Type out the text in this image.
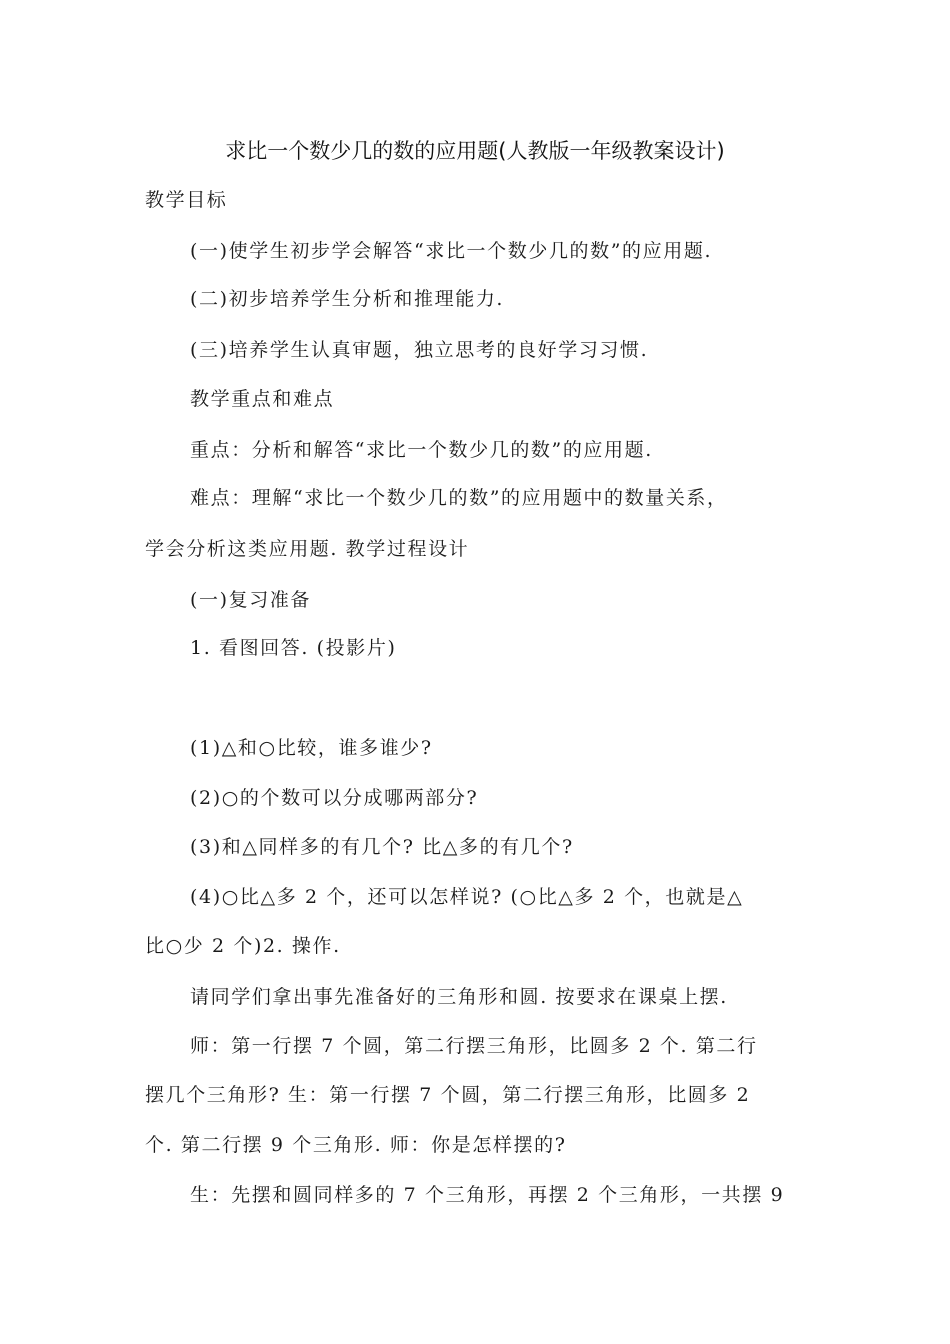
求比一个数少几的数的应用题(人教版一年级教案设计)
教学目标
(一)使学生初步学会解答“求比一个数少几的数”的应用题.
(二)初步培养学生分析和推理能力.
(三)培养学生认真审题，独立思考的良好学习习惯.
教学重点和难点
重点：分析和解答“求比一个数少几的数”的应用题.
难点：理解“求比一个数少几的数”的应用题中的数量关系，
学会分析这类应用题. 教学过程设计
(一)复习准备
1. 看图回答. (投影片)
(1)△和○比较，谁多谁少?
(2)○的个数可以分成哪两部分?
(3)和△同样多的有几个? 比△多的有几个?
(4)○比△多 2 个，还可以怎样说? (○比△多 2 个，也就是△
比○少 2 个)2. 操作.
请同学们拿出事先准备好的三角形和圆. 按要求在课桌上摆.
师：第一行摆 7 个圆，第二行摆三角形，比圆多 2 个. 第二行
摆几个三角形? 生：第一行摆 7 个圆，第二行摆三角形，比圆多 2
个. 第二行摆 9 个三角形. 师：你是怎样摆的?
生：先摆和圆同样多的 7 个三角形，再摆 2 个三角形，一共摆 9
